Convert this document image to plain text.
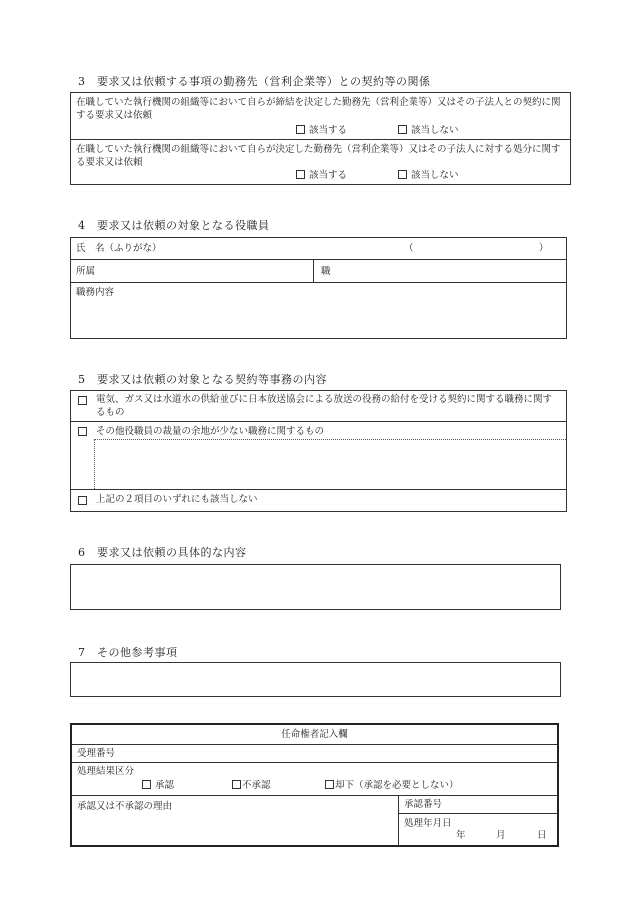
3　要求又は依頼する事項の勤務先（営利企業等）との契約等の関係
在職していた執行機関の組織等において自らが締結を決定した勤務先（営利企業等）又はその子法人との契約に関する要求又は依頼
該当する	該当しない
在職していた執行機関の組織等において自らが決定した勤務先（営利企業等）又はその子法人に対する処分に関する要求又は依頼
該当する	該当しない
4　要求又は依頼の対象となる役職員
氏　名（ふりがな）	（	）
所属	職
職務内容
5　要求又は依頼の対象となる契約等事務の内容
電気、ガス又は水道水の供給並びに日本放送協会による放送の役務の給付を受ける契約に関する職務に関するもの
その他役職員の裁量の余地が少ない職務に関するもの
上記の２項目のいずれにも該当しない
6　要求又は依頼の具体的な内容
7　その他参考事項
任命権者記入欄
受理番号
処理結果区分
承認	不承認	却下（承認を必要としない）
承認又は不承認の理由	承認番号
処理年月日
年	月	日
